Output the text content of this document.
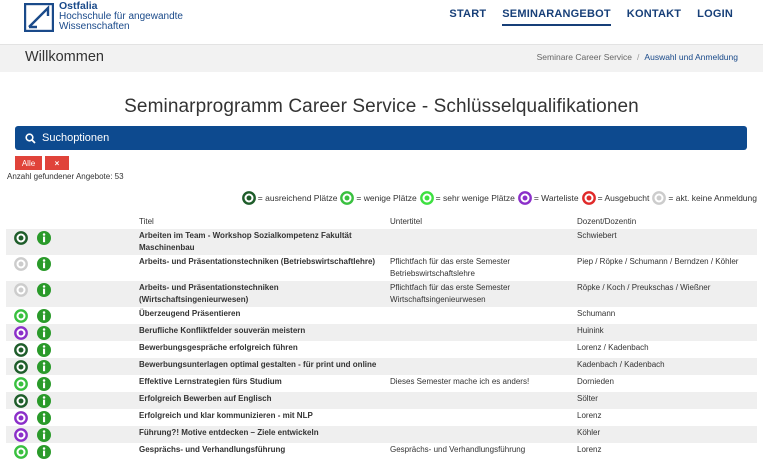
Ostfalia
Hochschule für angewandte
Wissenschaften
START SEMINARANGEBOT KONTAKT LOGIN
Willkommen	Seminare Career Service / Auswahl und Anmeldung
Seminarprogramm Career Service - Schlüsselqualifikationen
Suchoptionen
Alle	×
Anzahl gefundener Angebote: 53
= ausreichend Plätze = wenige Plätze = sehr wenige Plätze = Warteliste = Ausgebucht = akt. keine Anmeldung
	Titel	Untertitel	Dozent/Dozentin

	Arbeiten im Team - Workshop Sozialkompetenz Fakultät Maschinenbau		Schwiebert

	Arbeits- und Präsentationstechniken (Betriebswirtschaftlehre)	Pflichtfach für das erste Semester Betriebswirtschaftslehre	Piep / Röpke / Schumann / Berndzen / Köhler

	Arbeits- und Präsentationstechniken (Wirtschaftsingenieurwesen)	Pflichtfach für das erste Semester Wirtschaftsingenieurwesen	Röpke / Koch / Preukschas / Wießner

	Überzeugend Präsentieren		Schumann

	Berufliche Konfliktfelder souverän meistern		Huinink

	Bewerbungsgespräche erfolgreich führen		Lorenz / Kadenbach

	Bewerbungsunterlagen optimal gestalten - für print und online		Kadenbach / Kadenbach

	Effektive Lernstrategien fürs Studium	Dieses Semester mache ich es anders!	Dornieden

	Erfolgreich Bewerben auf Englisch		Sölter

	Erfolgreich und klar kommunizieren - mit NLP		Lorenz

	Führung?! Motive entdecken – Ziele entwickeln		Köhler

	Gesprächs- und Verhandlungsführung	Gesprächs- und Verhandlungsführung	Lorenz
